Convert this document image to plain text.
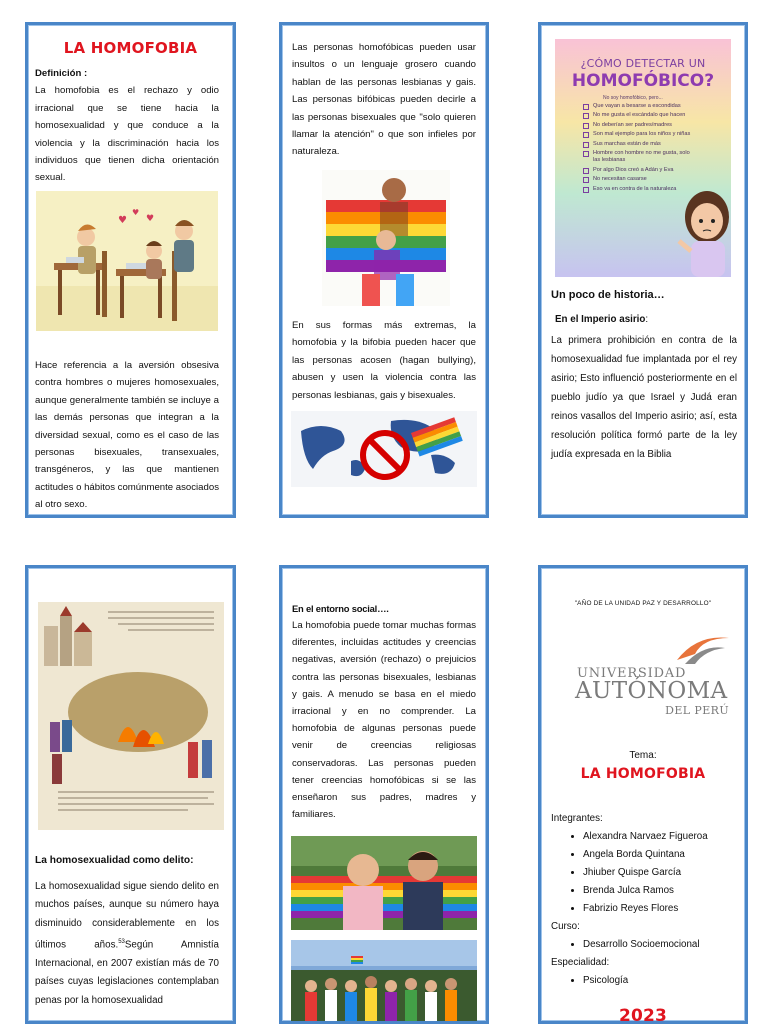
LA HOMOFOBIA

Definición :

La homofobia es el rechazo y odio irracional que se tiene hacia la homosexualidad y que conduce a la violencia y la discriminación hacia los individuos que tienen dicha orientación sexual.

♥
♥
♥

Hace referencia a la aversión obsesiva contra hombres o mujeres homosexuales, aunque generalmente también se incluye a las demás personas que integran a la diversidad sexual, como es el caso de las personas bisexuales, transexuales, transgéneros, y las que mantienen actitudes o hábitos comúnmente asociados al otro sexo.

Las personas homofóbicas pueden usar insultos o un lenguaje grosero cuando hablan de las personas lesbianas y gais. Las personas bifóbicas pueden decirle a las personas bisexuales que "solo quieren llamar la atención" o que son infieles por naturaleza.

En sus formas más extremas, la homofobia y la bifobia pueden hacer que las personas acosen (hagan bullying), abusen y usen la violencia contra las personas lesbianas, gais y bisexuales.

¿CÓMO DETECTAR UN
HOMOFÓBICO?
No soy homofóbico, pero...
Que vayan a besarse a escondidas
No me gusta el escándalo que hacen
No deberían ser padres/madres
Son mal ejemplo para los niños y niñas
Sus marchas están de más
Hombre con hombre no me gusta, solo las lesbianas
Por algo Dios creó a Adán y Eva
No necesitan casarse
Eso va en contra de la naturaleza
Un poco de historia…
En el Imperio asirio:

La primera prohibición en contra de la homosexualidad fue implantada por el rey asirio; Esto influenció posteriormente en el pueblo judío ya que Israel y Judá eran reinos vasallos del Imperio asirio; así, esta resolución política formó parte de la ley judía expresada en la Biblia

La homosexualidad como delito:

La homosexualidad sigue siendo delito en muchos países, aunque su número haya disminuido considerablemente en los últimos años.$^{53}$Según Amnistía Internacional, en 2007 existían más de 70 países cuyas legislaciones contemplaban penas por la homosexualidad

En el entorno social….

La homofobia puede tomar muchas formas diferentes, incluidas actitudes y creencias negativas, aversión (rechazo) o prejuicios contra las personas bisexuales, lesbianas y gais. A menudo se basa en el miedo irracional y en no comprender. La homofobia de algunas personas puede venir de creencias religiosas conservadoras. Las personas pueden tener creencias homofóbicas si se las enseñaron sus padres, madres y familiares.

"AÑO DE LA UNIDAD PAZ Y DESARROLLO"
UNIVERSIDAD
AUTÓNOMA
DEL PERÚ
Tema:
LA HOMOFOBIA
Integrantes:
• Alexandra Narvaez Figueroa
• Angela Borda Quintana
• Jhiuber Quispe García
• Brenda Julca Ramos
• Fabrizio Reyes Flores
Curso:
• Desarrollo Socioemocional
Especialidad:
• Psicología
2023
